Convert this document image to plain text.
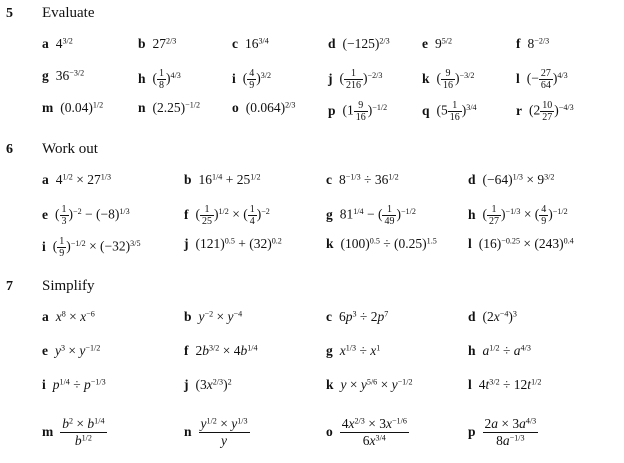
5 Evaluate
a $4^{3/2}$	b $27^{2/3}$	c $16^{3/4}$	d $(-125)^{2/3}$ e $9^{5/2}$	f $8^{-2/3}$
g $36^{-3/2}$	h ( $\frac{1}{8} )^{4/3}$	i ( $\frac{4}{9} )^{3/2}$	j ( $\frac{1}{216} )^{-2/3}$	k ( $\frac{9}{16} )^{-3/2}$	l (− $\frac{27}{64} )^{4/3}$
m $(0.04)^{1/2}$	n $(2.25)^{-1/2}$ o $(0.064)^{2/3}$ p $(1 \frac{9}{16} )^{-1/2}$	q $(5 \frac{1}{16} )^{3/4}$	r $(2 \frac{10}{27} )^{-4/3}$
6 Work out
a $4^{1/2} \times 27^{1/3}$	b $16^{1/4} + 25^{1/2}$	c $8^{-1/3} \div 36^{1/2}$	d $(-64)^{1/3} \times 9^{3/2}$
e ( $\frac{1}{3} )^{-2} - (-8)^{1/3}$	f ( $\frac{1}{25} )^{1/2}$ × ( $\frac{1}{4} )^{-2}$	g $81^{1/4}$ − ( $\frac{1}{49} )^{-1/2}$	h ( $\frac{1}{27} )^{-1/3}$ × ( $\frac{4}{9} )^{-1/2}$
i ( $\frac{1}{9} )^{-1/2} \times (-32)^{3/5}$	j $(121)^{0.5} + (32)^{0.2}$	k $(100)^{0.5} \div (0.25)^{1.5}$ l $(16)^{-0.25} \times (243)^{0.4}$
7 Simplify
a $x^8 \times x^{-6}$	b $y^{-2} \times y^{-4}$	c $6p^3 \div 2p^7$	d $(2x^{-4})^3$
e $y^3 \times y^{-1/2}$	f $2b^{3/2} \times 4b^{1/4}$	g $x^{1/3} \div x^1$	h $a^{1/2} \div a^{4/3}$
i $p^{1/4} \div p^{-1/3}$	j $(3x^{2/3})^2$	k $y \times y^{5/6} \times y^{-1/2}$	l $4t^{3/2} \div 12t^{1/2}$
m $\frac{b^2 \times b^{1/4}}{b^{1/2}}$	n $\frac{y^{1/2} \times y^{1/3}}{y}$	o $\frac{4x^{2/3} \times 3x^{-1/6}}{6x^{3/4}}$	p $\frac{2a \times 3a^{4/3}}{8a^{-1/3}}$
